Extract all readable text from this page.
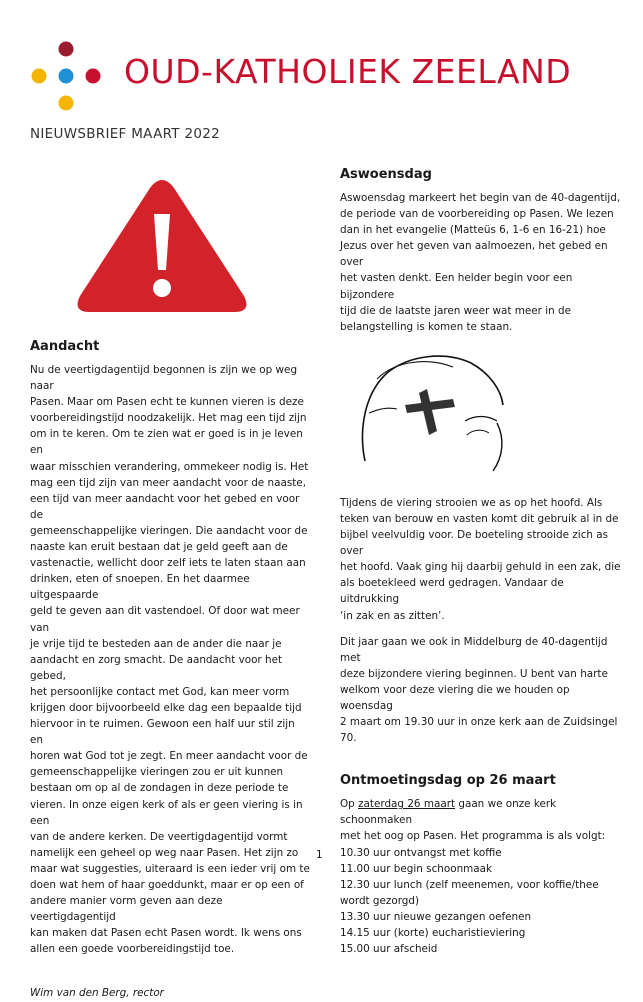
OUD-KATHOLIEK ZEELAND
NIEUWSBRIEF MAART 2022
Aandacht

Nu de veertigdagentijd begonnen is zijn we op weg naar

Pasen. Maar om Pasen echt te kunnen vieren is deze

voorbereidingstijd noodzakelijk. Het mag een tijd zijn

om in te keren. Om te zien wat er goed is in je leven en

waar misschien verandering, ommekeer nodig is. Het

mag een tijd zijn van meer aandacht voor de naaste,

een tijd van meer aandacht voor het gebed en voor de

gemeenschappelijke vieringen. Die aandacht voor de

naaste kan eruit bestaan dat je geld geeft aan de

vastenactie, wellicht door zelf iets te laten staan aan

drinken, eten of snoepen. En het daarmee uitgespaarde

geld te geven aan dit vastendoel. Of door wat meer van

je vrije tijd te besteden aan de ander die naar je

aandacht en zorg smacht. De aandacht voor het gebed,

het persoonlijke contact met God, kan meer vorm

krijgen door bijvoorbeeld elke dag een bepaalde tijd

hiervoor in te ruimen. Gewoon een half uur stil zijn en

horen wat God tot je zegt. En meer aandacht voor de

gemeenschappelijke vieringen zou er uit kunnen

bestaan om op al de zondagen in deze periode te

vieren. In onze eigen kerk of als er geen viering is in een

van de andere kerken. De veertigdagentijd vormt

namelijk een geheel op weg naar Pasen. Het zijn zo

maar wat suggesties, uiteraard is een ieder vrij om te

doen wat hem of haar goeddunkt, maar er op een of

andere manier vorm geven aan deze veertigdagentijd

kan maken dat Pasen echt Pasen wordt. Ik wens ons

allen een goede voorbereidingstijd toe.

Wim van den Berg, rector

Aswoensdag

Aswoensdag markeert het begin van de 40-dagentijd,

de periode van de voorbereiding op Pasen. We lezen

dan in het evangelie (Matteüs 6, 1-6 en 16-21) hoe

Jezus over het geven van aalmoezen, het gebed en over

het vasten denkt. Een helder begin voor een bijzondere

tijd die de laatste jaren weer wat meer in de

belangstelling is komen te staan.

Tijdens de viering strooien we as op het hoofd. Als

teken van berouw en vasten komt dit gebruik al in de

bijbel veelvuldig voor. De boeteling strooide zich as over

het hoofd. Vaak ging hij daarbij gehuld in een zak, die

als boetekleed werd gedragen. Vandaar de uitdrukking

‘in zak en as zitten’.

Dit jaar gaan we ook in Middelburg de 40-dagentijd met

deze bijzondere viering beginnen. U bent van harte

welkom voor deze viering die we houden op woensdag

2 maart om 19.30 uur in onze kerk aan de Zuidsingel 70.

Ontmoetingsdag op 26 maart

Op zaterdag 26 maart gaan we onze kerk schoonmaken

met het oog op Pasen. Het programma is als volgt:

10.30 uur ontvangst met koffie

11.00 uur begin schoonmaak

12.30 uur lunch (zelf meenemen, voor koffie/thee

wordt gezorgd)

13.30 uur nieuwe gezangen oefenen

14.15 uur (korte) eucharistieviering

15.00 uur afscheid

1
